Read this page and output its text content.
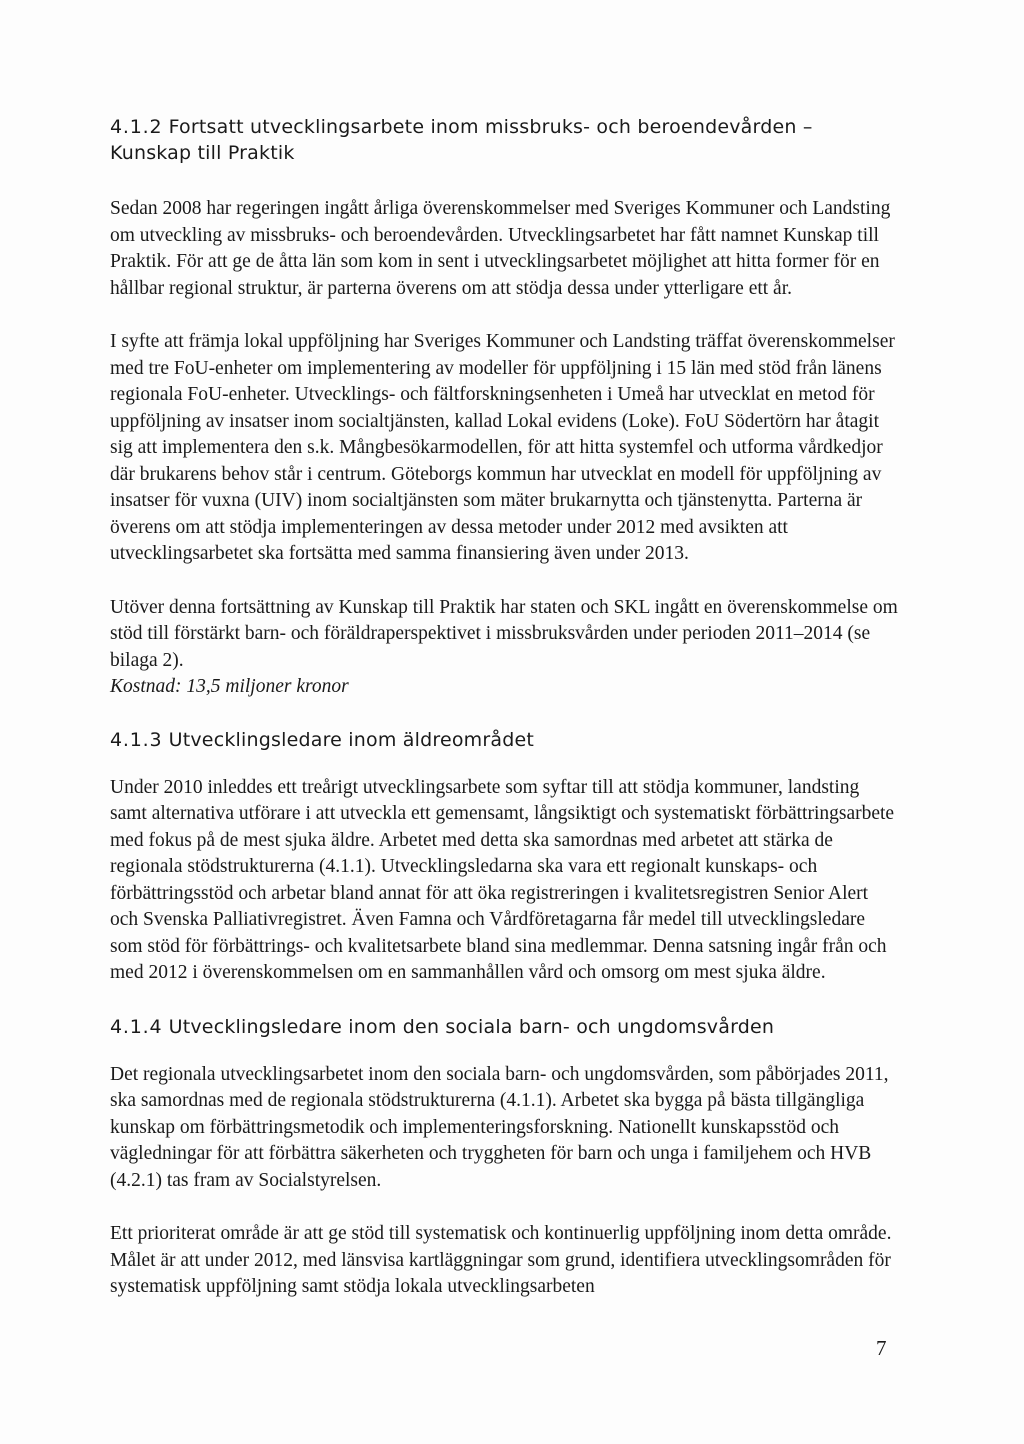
4.1.2 Fortsatt utvecklingsarbete inom missbruks- och beroendevården –
Kunskap till Praktik

Sedan 2008 har regeringen ingått årliga överenskommelser med Sveriges Kommuner och Landsting om utveckling av missbruks- och beroendevården. Utvecklingsarbetet har fått namnet Kunskap till Praktik. För att ge de åtta län som kom in sent i utvecklingsarbetet möjlighet att hitta former för en hållbar regional struktur, är parterna överens om att stödja dessa under ytterligare ett år.

I syfte att främja lokal uppföljning har Sveriges Kommuner och Landsting träffat överenskommelser med tre FoU-enheter om implementering av modeller för uppföljning i 15 län med stöd från länens regionala FoU-enheter. Utvecklings- och fältforskningsenheten i Umeå har utvecklat en metod för uppföljning av insatser inom socialtjänsten, kallad Lokal evidens (Loke). FoU Södertörn har åtagit sig att implementera den s.k. Mångbesökarmodellen, för att hitta systemfel och utforma vårdkedjor där brukarens behov står i centrum. Göteborgs kommun har utvecklat en modell för uppföljning av insatser för vuxna (UIV) inom socialtjänsten som mäter brukarnytta och tjänstenytta. Parterna är överens om att stödja implementeringen av dessa metoder under 2012 med avsikten att utvecklingsarbetet ska fortsätta med samma finansiering även under 2013.

Utöver denna fortsättning av Kunskap till Praktik har staten och SKL ingått en överenskommelse om stöd till förstärkt barn- och föräldraperspektivet i missbruksvården under perioden 2011–2014 (se bilaga 2).

Kostnad: 13,5 miljoner kronor

4.1.3 Utvecklingsledare inom äldreområdet

Under 2010 inleddes ett treårigt utvecklingsarbete som syftar till att stödja kommuner, landsting samt alternativa utförare i att utveckla ett gemensamt, långsiktigt och systematiskt förbättringsarbete med fokus på de mest sjuka äldre. Arbetet med detta ska samordnas med arbetet att stärka de regionala stödstrukturerna (4.1.1). Utvecklingsledarna ska vara ett regionalt kunskaps- och förbättringsstöd och arbetar bland annat för att öka registreringen i kvalitetsregistren Senior Alert och Svenska Palliativregistret. Även Famna och Vårdföretagarna får medel till utvecklingsledare som stöd för förbättrings- och kvalitetsarbete bland sina medlemmar. Denna satsning ingår från och med 2012 i överenskommelsen om en sammanhållen vård och omsorg om mest sjuka äldre.

4.1.4 Utvecklingsledare inom den sociala barn- och ungdomsvården

Det regionala utvecklingsarbetet inom den sociala barn- och ungdomsvården, som påbörjades 2011, ska samordnas med de regionala stödstrukturerna (4.1.1). Arbetet ska bygga på bästa tillgängliga kunskap om förbättringsmetodik och implementeringsforskning. Nationellt kunskapsstöd och vägledningar för att förbättra säkerheten och tryggheten för barn och unga i familjehem och HVB (4.2.1) tas fram av Socialstyrelsen.

Ett prioriterat område är att ge stöd till systematisk och kontinuerlig uppföljning inom detta område. Målet är att under 2012, med länsvisa kartläggningar som grund, identifiera utvecklingsområden för systematisk uppföljning samt stödja lokala utvecklingsarbeten

7
